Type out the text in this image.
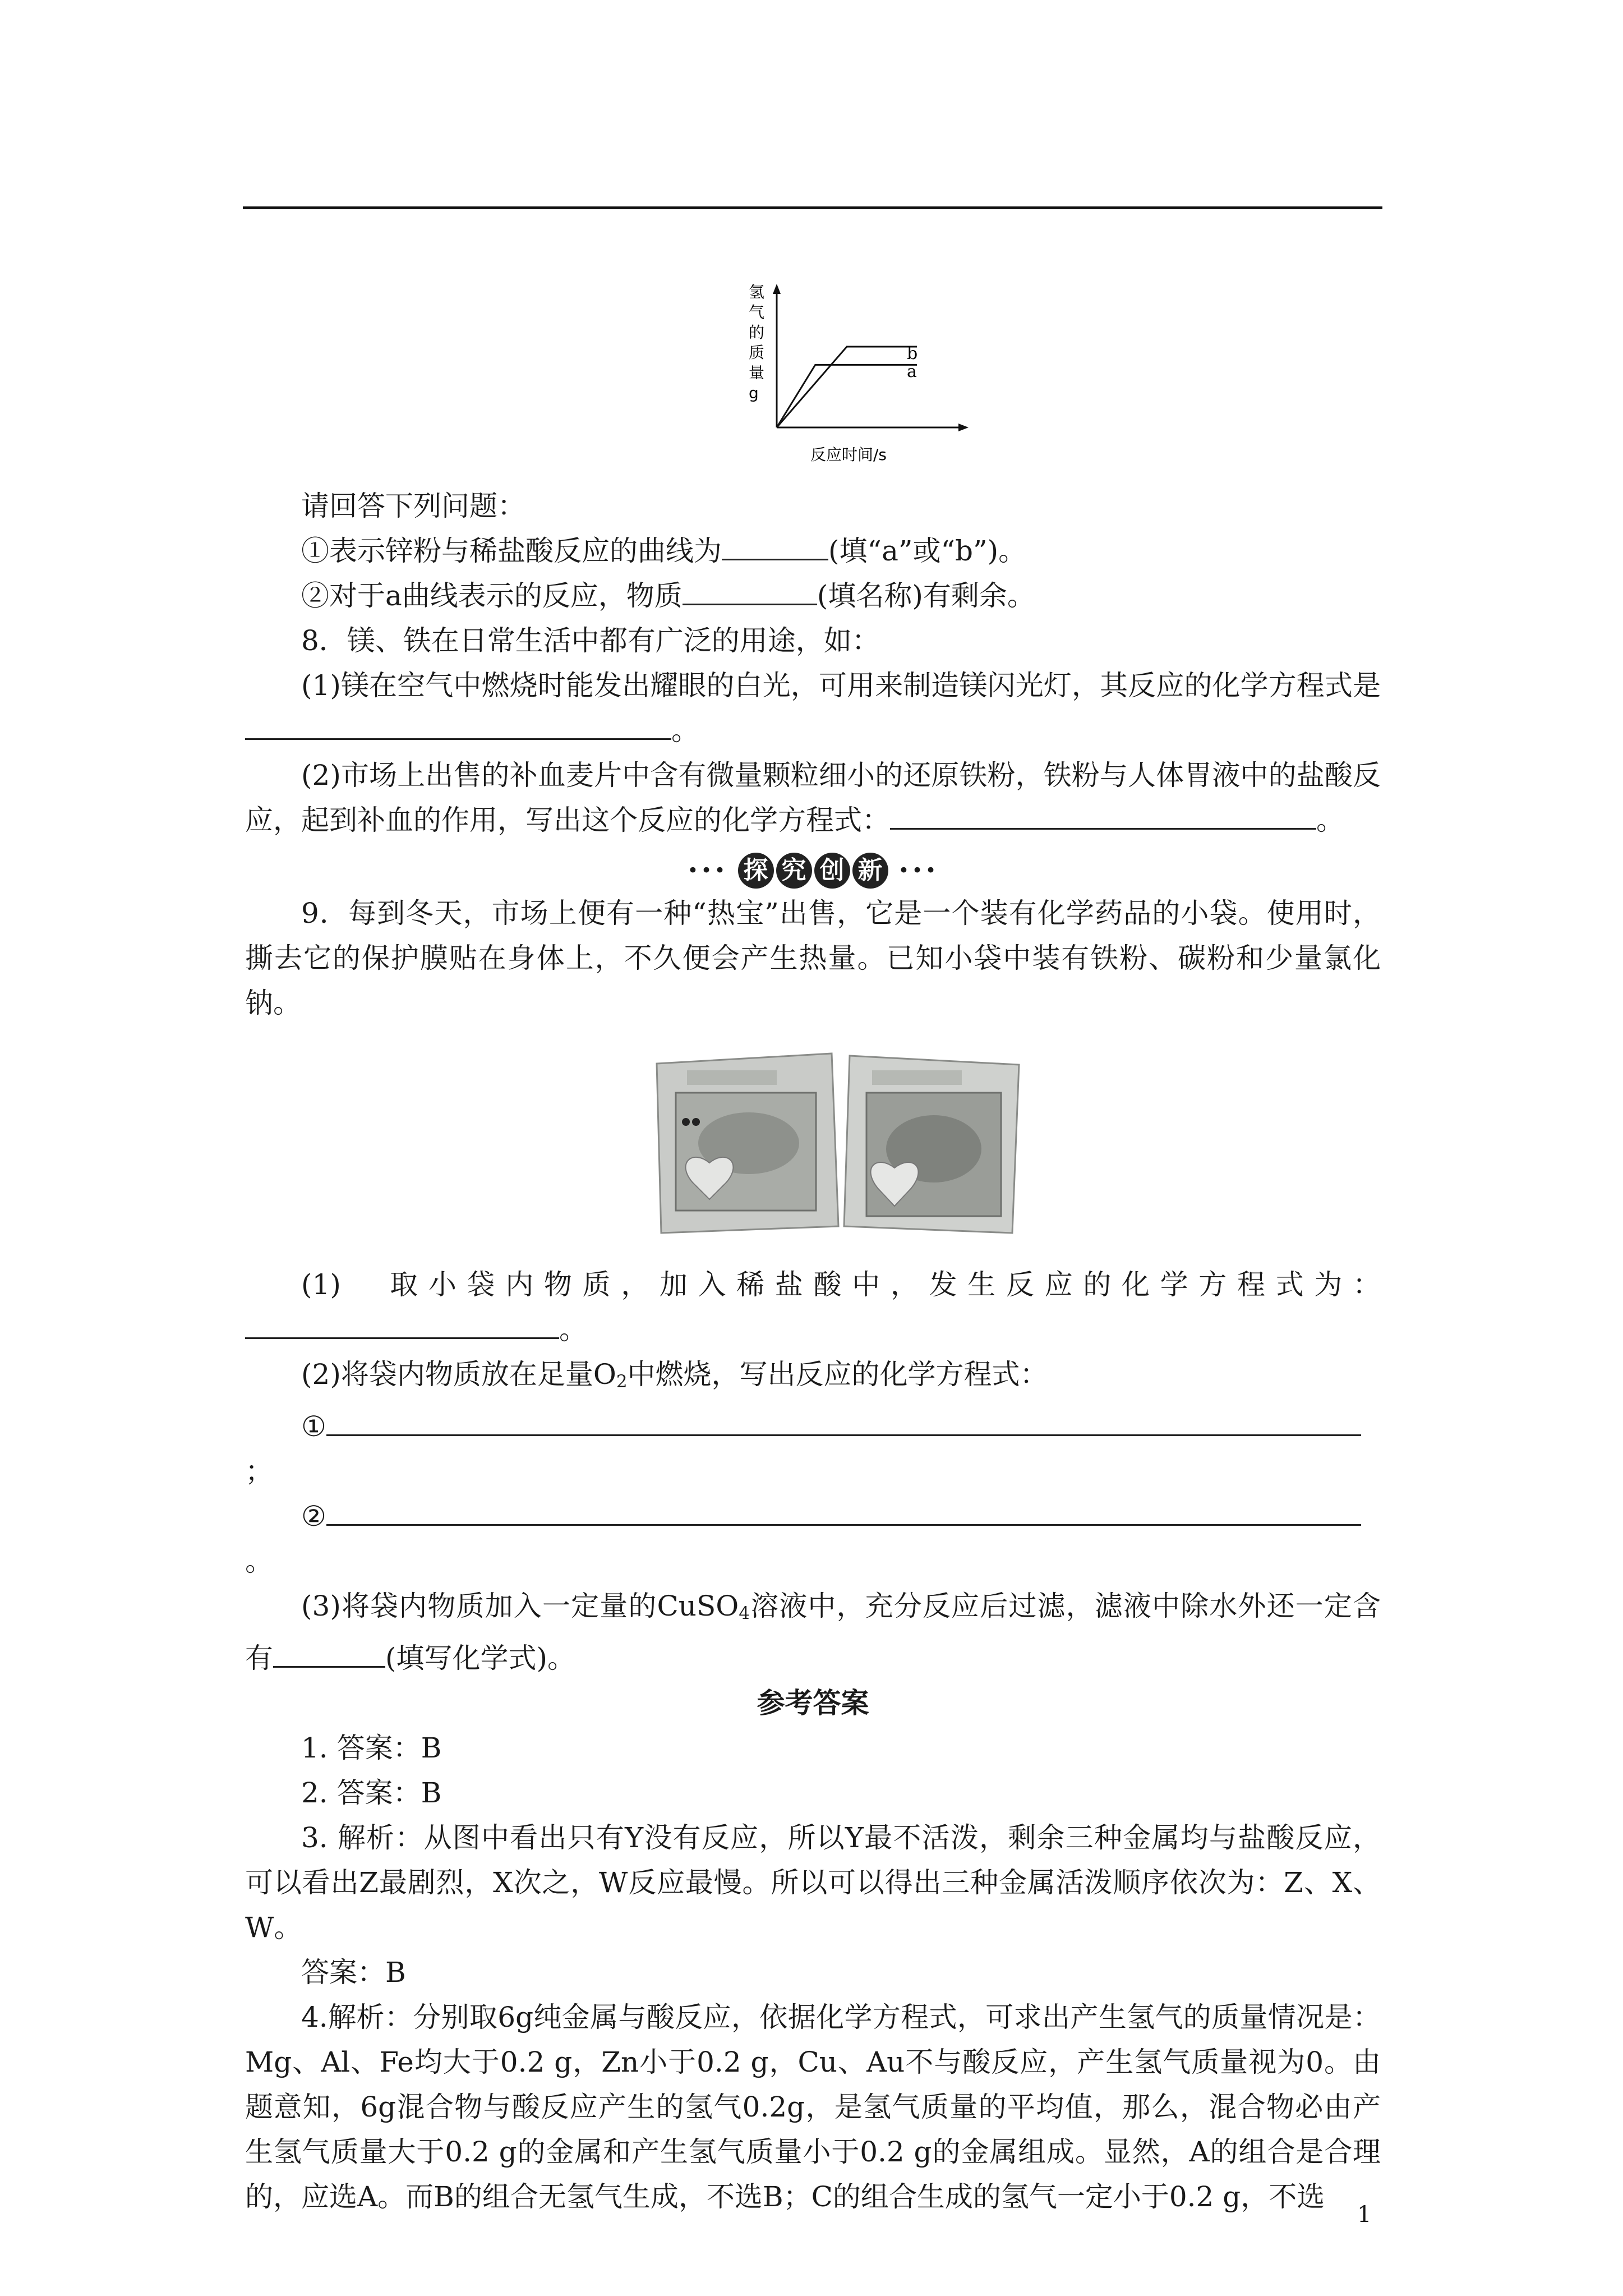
b
a
反应时间/s
氢气的质量 g

请回答下列问题：

①表示锌粉与稀盐酸反应的曲线为	(填“a”或“b”)。

②对于a曲线表示的反应，物质	(填名称)有剩余。

8．镁、铁在日常生活中都有广泛的用途，如：

(1)镁在空气中燃烧时能发出耀眼的白光，可用来制造镁闪光灯，其反应的化学方程式是。

(2)市场上出售的补血麦片中含有微量颗粒细小的还原铁粉，铁粉与人体胃液中的盐酸反应，起到补血的作用，写出这个反应的化学方程式：	。

••• 探 究 创 新 •••

9．每到冬天，市场上便有一种“热宝”出售，它是一个装有化学药品的小袋。使用时，撕去它的保护膜贴在身体上，不久便会产生热量。已知小袋中装有铁粉、碳粉和少量氯化钠。

(1)　取小袋内物质，加入稀盐酸中，发生反应的化学方程式为：

。

(2)将袋内物质放在足量$O_2$中燃烧，写出反应的化学方程式：

①；

②。

(3)将袋内物质加入一定量的CuSO$_4$溶液中，充分反应后过滤，滤液中除水外还一定含有	(填写化学式)。

参考答案

1. 答案：B

2. 答案：B

3. 解析：从图中看出只有Y没有反应，所以Y最不活泼，剩余三种金属均与盐酸反应，可以看出Z最剧烈，X次之，W反应最慢。所以可以得出三种金属活泼顺序依次为：Z、X、W。

答案：B

4.解析：分别取6g纯金属与酸反应，依据化学方程式，可求出产生氢气的质量情况是：Mg、Al、Fe均大于0.2 g，Zn小于0.2 g，Cu、Au不与酸反应，产生氢气质量视为0。由题意知，6g混合物与酸反应产生的氢气0.2g，是氢气质量的平均值，那么，混合物必由产生氢气质量大于0.2 g的金属和产生氢气质量小于0.2 g的金属组成。显然，A的组合是合理的，应选A。而B的组合无氢气生成，不选B；C的组合生成的氢气一定小于0.2 g，不选

1
